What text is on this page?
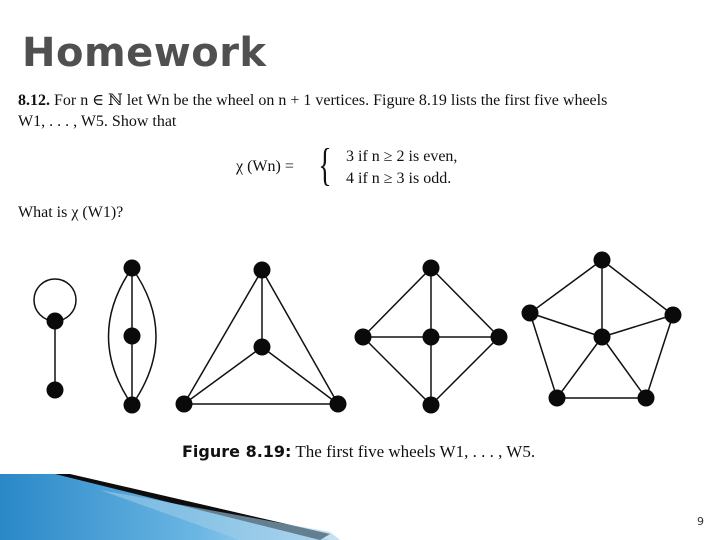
Homework
8.12. For n ∈ ℕ let Wn be the wheel on n + 1 vertices. Figure 8.19 lists the first five wheels
W1, . . . , W5. Show that
χ (Wn) = { 3 if n ≥ 2 is even,
4 if n ≥ 3 is odd.
What is χ (W1)?
Figure 8.19: The first five wheels W1, . . . , W5.
9
